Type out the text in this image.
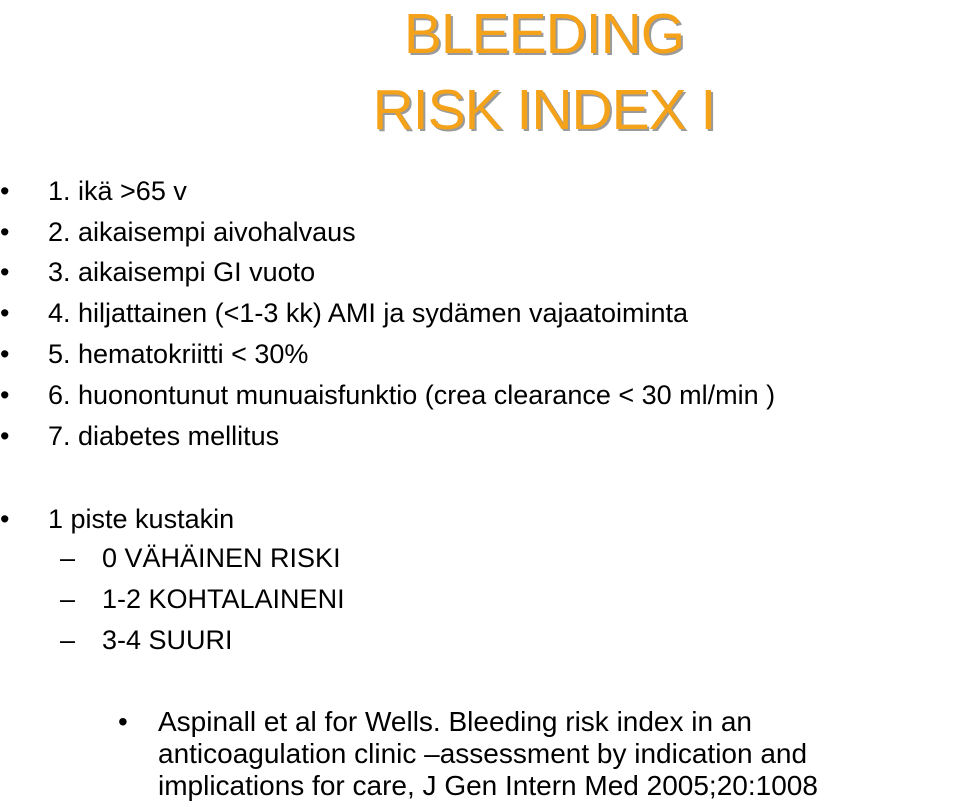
BLEEDING
RISK INDEX I
•	1. ikä >65 v
•	2. aikaisempi aivohalvaus
•	3. aikaisempi GI vuoto
•	4. hiljattainen (<1-3 kk) AMI ja sydämen vajaatoiminta
•	5. hematokriitti < 30%
•	6. huonontunut munuaisfunktio (crea clearance < 30 ml/min )
•	7. diabetes mellitus
•	1 piste kustakin
– 0 VÄHÄINEN RISKI
– 1-2 KOHTALAINENI
– 3-4 SUURI
• Aspinall et al for Wells. Bleeding risk index in an
anticoagulation clinic –assessment by indication and
implications for care, J Gen Intern Med 2005;20:1008
